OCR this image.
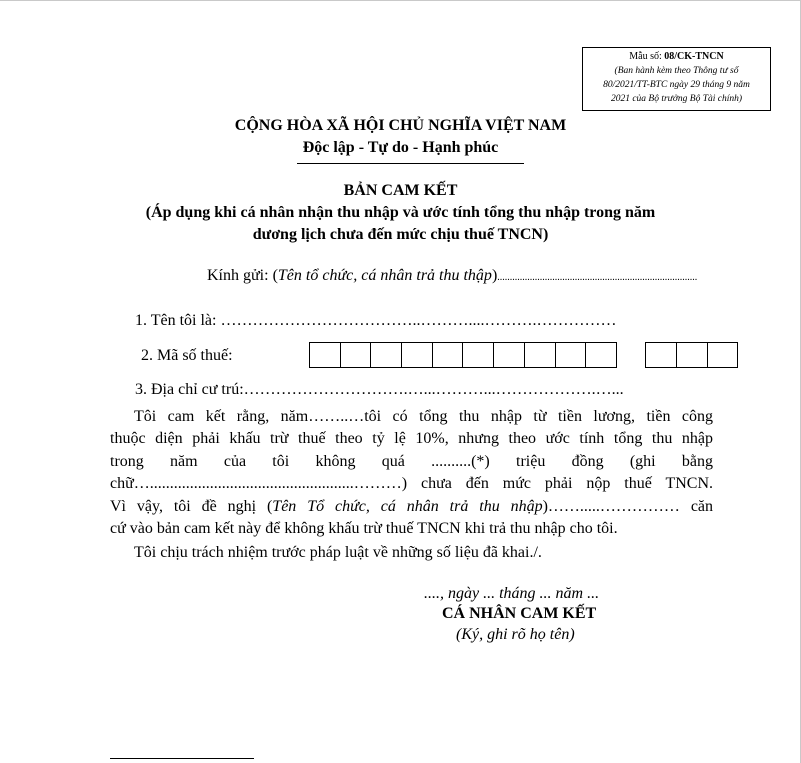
Mẫu số: 08/CK-TNCN
(Ban hành kèm theo Thông tư số
80/2021/TT-BTC ngày 29 tháng 9 năm
2021 của Bộ trưởng Bộ Tài chính)
CỘNG HÒA XÃ HỘI CHỦ NGHĨA VIỆT NAM
Độc lập - Tự do - Hạnh phúc
BẢN CAM KẾT
(Áp dụng khi cá nhân nhận thu nhập và ước tính tổng thu nhập trong năm
dương lịch chưa đến mức chịu thuế TNCN)
Kính gửi: (Tên tổ chức, cá nhân trả thu thập)................................................................................
1. Tên tôi là: ………………………………..………....……….……………
2. Mã số thuế:
3. Địa chỉ cư trú:………………………….…...………...……………….…...
Tôi cam kết rằng, năm……..…tôi có tổng thu nhập từ tiền lương, tiền công
thuộc diện phải khấu trừ thuế theo tỷ lệ 10%, nhưng theo ước tính tổng thu nhập
trong năm của tôi không quá ..........(*) triệu đồng (ghi bằng
chữ…...................................................………) chưa đến mức phải nộp thuế TNCN.
Vì vậy, tôi đề nghị (Tên Tổ chức, cá nhân trả thu nhập)…….....…………… căn
cứ vào bản cam kết này để không khấu trừ thuế TNCN khi trả thu nhập cho tôi.
Tôi chịu trách nhiệm trước pháp luật về những số liệu đã khai./.
...., ngày ... tháng ... năm ...
CÁ NHÂN CAM KẾT
(Ký, ghi rõ họ tên)
